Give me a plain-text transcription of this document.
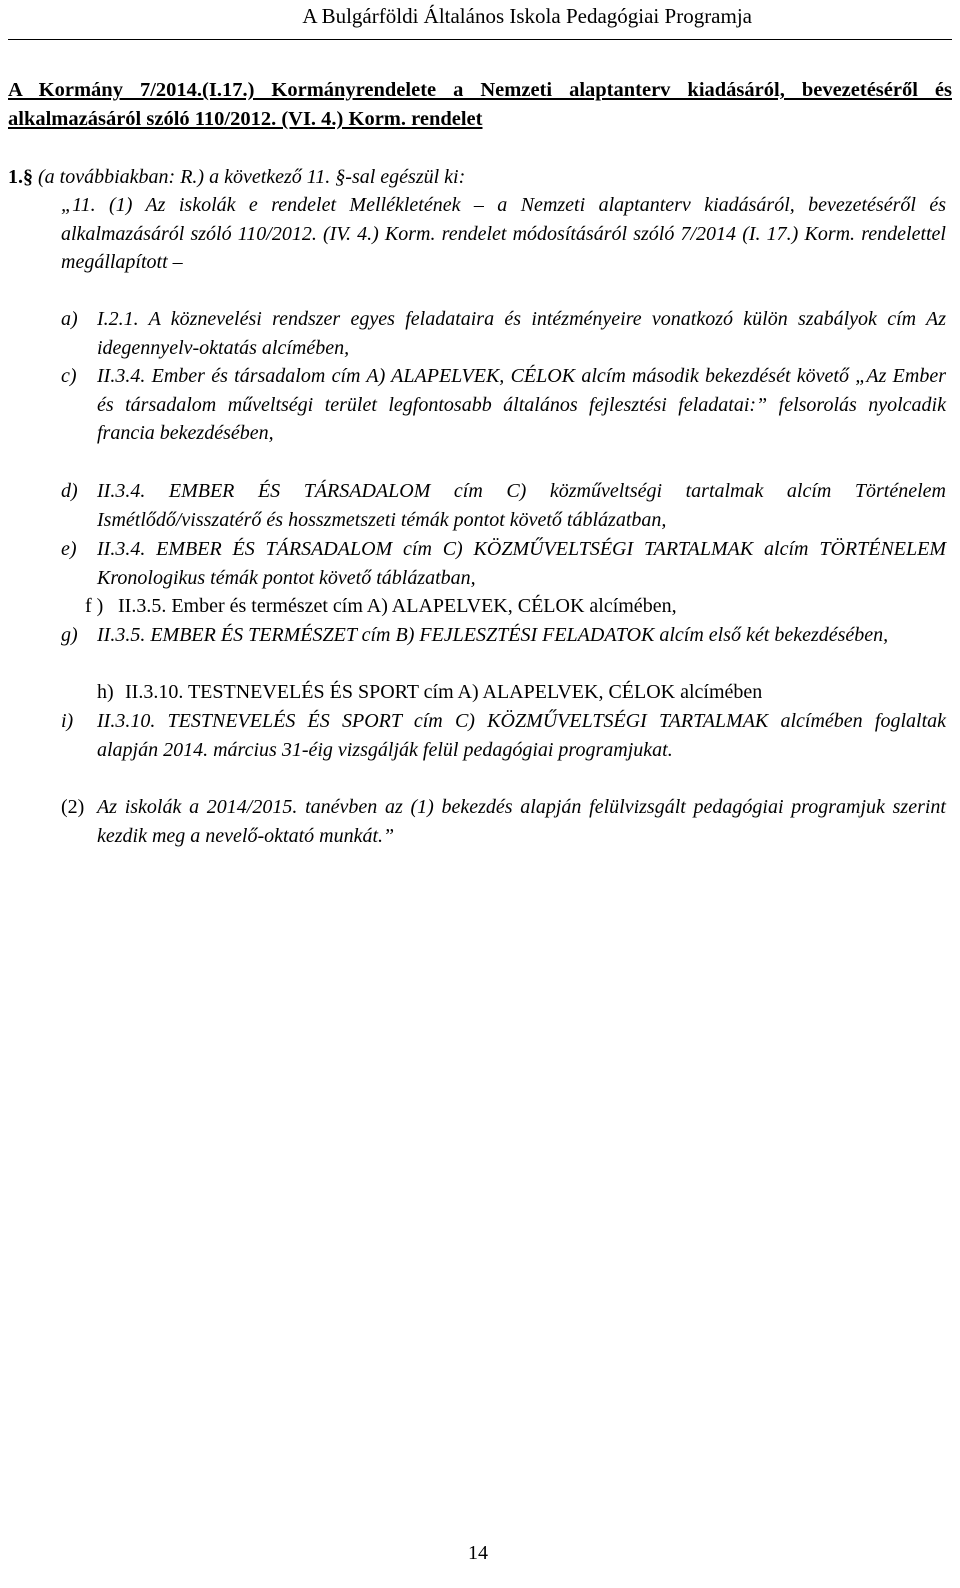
A Bulgárföldi Általános Iskola Pedagógiai Programja
A Kormány 7/2014.(I.17.) Kormányrendelete a Nemzeti alaptanterv kiadásáról, bevezetéséről és alkalmazásáról szóló 110/2012. (VI. 4.) Korm. rendelet
1.§ (a továbbiakban: R.) a következő 11. §-sal egészül ki:
„11. (1) Az iskolák e rendelet Mellékletének – a Nemzeti alaptanterv kiadásáról, bevezetéséről és alkalmazásáról szóló 110/2012. (IV. 4.) Korm. rendelet módosításáról szóló 7/2014 (I. 17.) Korm. rendelettel megállapított –
a) I.2.1. A köznevelési rendszer egyes feladataira és intézményeire vonatkozó külön szabályok cím Az idegennyelv-oktatás alcímében,
c) II.3.4. Ember és társadalom cím A) ALAPELVEK, CÉLOK alcím második bekezdését követő „Az Ember és társadalom műveltségi terület legfontosabb általános fejlesztési feladatai:” felsorolás nyolcadik francia bekezdésében,
d) II.3.4. EMBER ÉS TÁRSADALOM cím C) közműveltségi tartalmak alcím Történelem Ismétlődő/visszatérő és hosszmetszeti témák pontot követő táblázatban,
e) II.3.4. EMBER ÉS TÁRSADALOM cím C) KÖZMŰVELTSÉGI TARTALMAK alcím TÖRTÉNELEM Kronologikus témák pontot követő táblázatban,
f ) II.3.5. Ember és természet cím A) ALAPELVEK, CÉLOK alcímében,
g) II.3.5. EMBER ÉS TERMÉSZET cím B) FEJLESZTÉSI FELADATOK alcím első két bekezdésében,
h) II.3.10. TESTNEVELÉS ÉS SPORT cím A) ALAPELVEK, CÉLOK alcímében
i) II.3.10. TESTNEVELÉS ÉS SPORT cím C) KÖZMŰVELTSÉGI TARTALMAK alcímében foglaltak alapján 2014. március 31-éig vizsgálják felül pedagógiai programjukat.
(2) Az iskolák a 2014/2015. tanévben az (1) bekezdés alapján felülvizsgált pedagógiai programjuk szerint kezdik meg a nevelő-oktató munkát.”
14
